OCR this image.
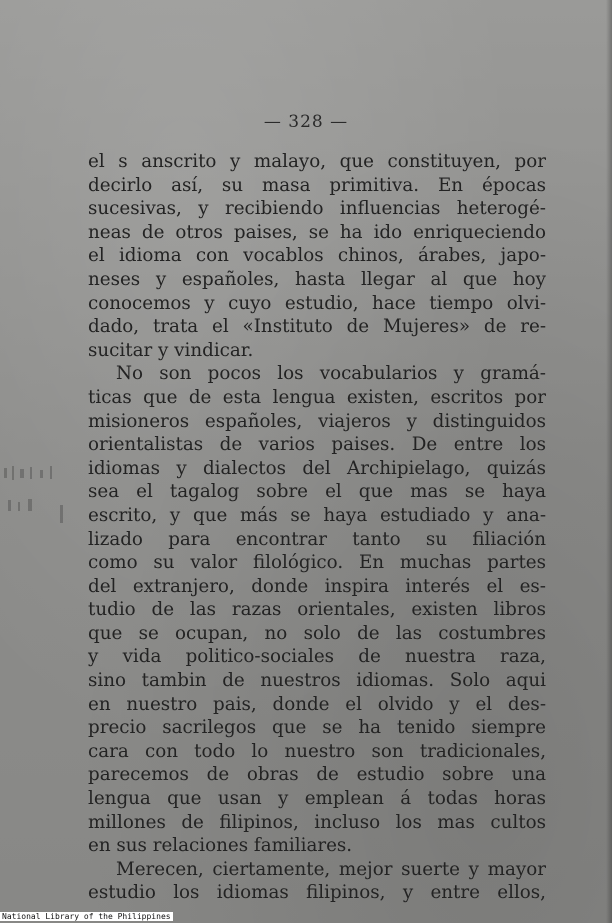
— 328 —
el s anscrito y malayo, que constituyen, por
decirlo así, su masa primitiva. En épocas
sucesivas, y recibiendo influencias heterogé-
neas de otros paises, se ha ido enriqueciendo
el idioma con vocablos chinos, árabes, japo-
neses y españoles, hasta llegar al que hoy
conocemos y cuyo estudio, hace tiempo olvi-
dado, trata el «Instituto de Mujeres» de re-
sucitar y vindicar.
No son pocos los vocabularios y gramá-
ticas que de esta lengua existen, escritos por
misioneros españoles, viajeros y distinguidos
orientalistas de varios paises. De entre los
idiomas y dialectos del Archipielago, quizás
sea el tagalog sobre el que mas se haya
escrito, y que más se haya estudiado y ana-
lizado para encontrar tanto su filiación
como su valor filológico. En muchas partes
del extranjero, donde inspira interés el es-
tudio de las razas orientales, existen libros
que se ocupan, no solo de las costumbres
y vida politico-sociales de nuestra raza,
sino tambin de nuestros idiomas. Solo aqui
en nuestro pais, donde el olvido y el des-
precio sacrilegos que se ha tenido siempre
cara con todo lo nuestro son tradicionales,
parecemos de obras de estudio sobre una
lengua que usan y emplean á todas horas
millones de filipinos, incluso los mas cultos
en sus relaciones familiares.
Merecen, ciertamente, mejor suerte y mayor
estudio los idiomas filipinos, y entre ellos,
National Library of the Philippines
